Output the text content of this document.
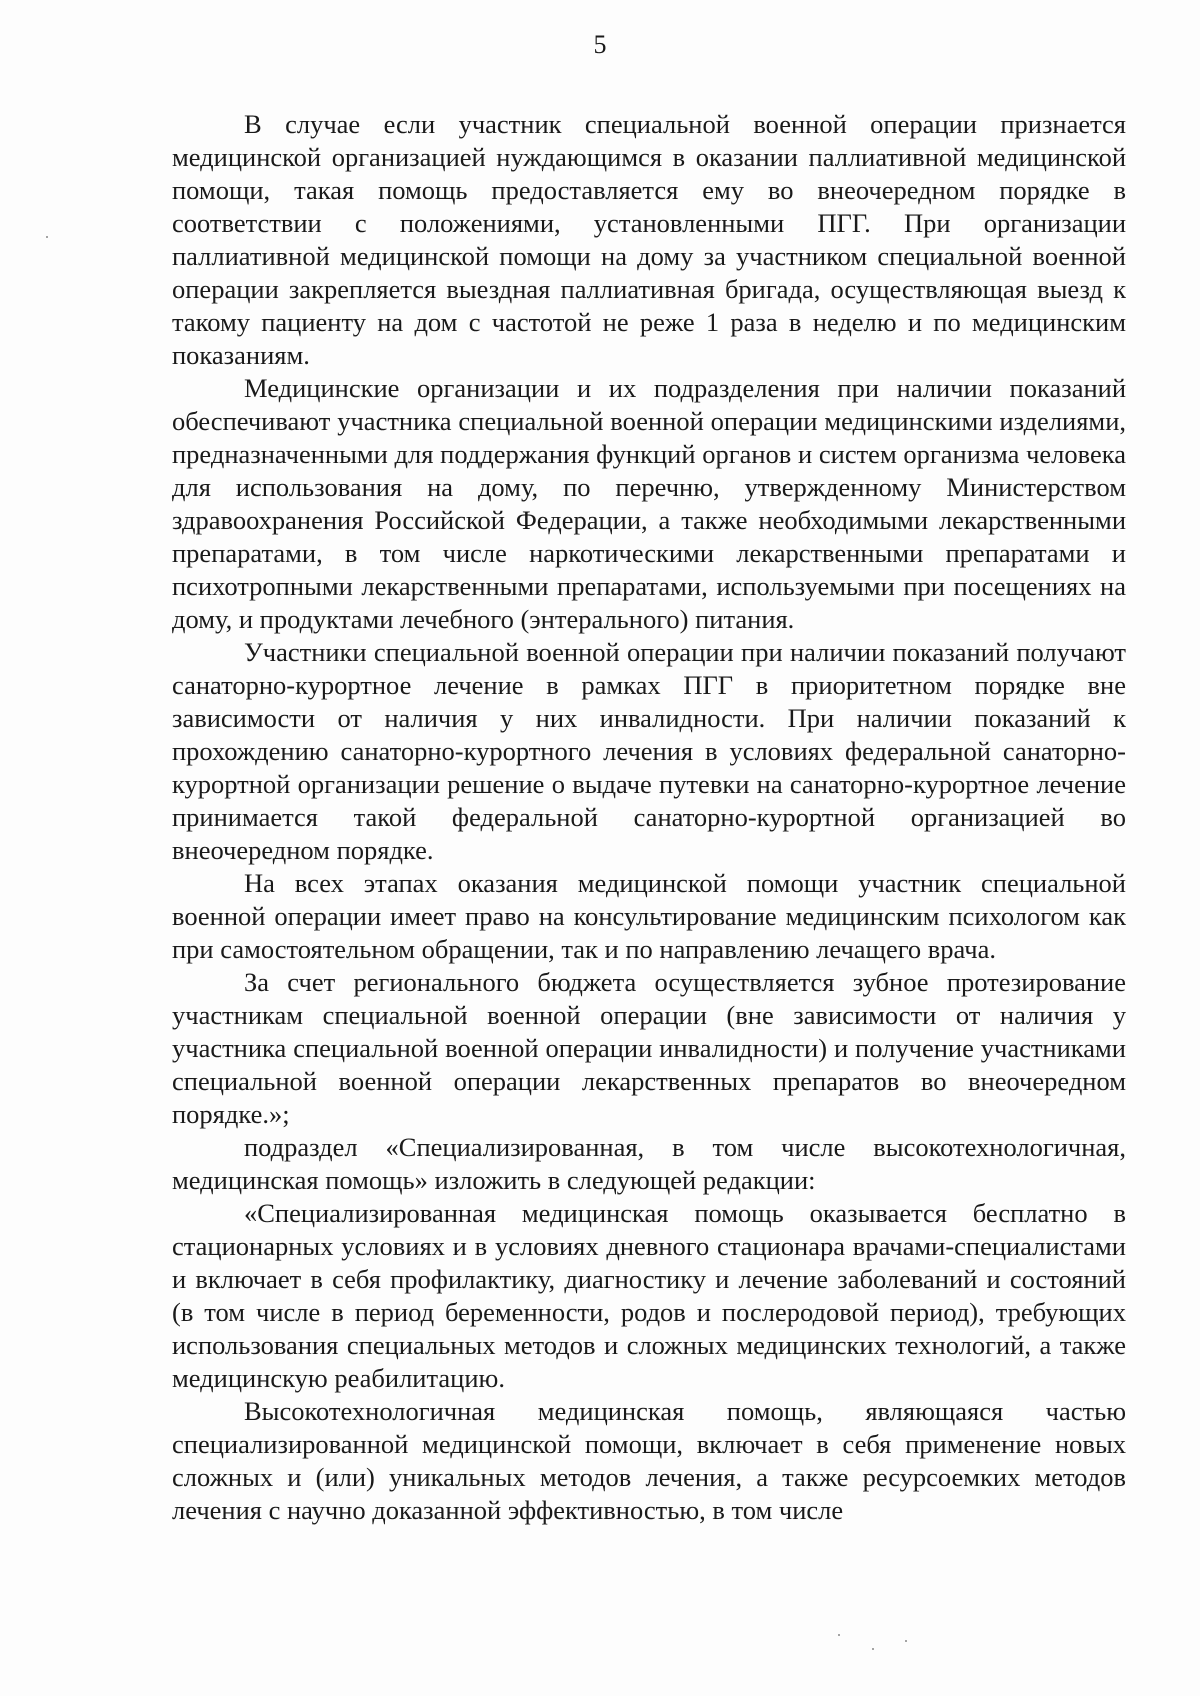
5

В случае если участник специальной военной операции признается медицинской организацией нуждающимся в оказании паллиативной медицинской помощи, такая помощь предоставляется ему во внеочередном порядке в соответствии с положениями, установленными ПГГ. При организации паллиативной медицинской помощи на дому за участником специальной военной операции закрепляется выездная паллиативная бригада, осуществляющая выезд к такому пациенту на дом с частотой не реже 1 раза в неделю и по медицинским показаниям.

Медицинские организации и их подразделения при наличии показаний обеспечивают участника специальной военной операции медицинскими изделиями, предназначенными для поддержания функций органов и систем организма человека для использования на дому, по перечню, утвержденному Министерством здравоохранения Российской Федерации, а также необходимыми лекарственными препаратами, в том числе наркотическими лекарственными препаратами и психотропными лекарственными препаратами, используемыми при посещениях на дому, и продуктами лечебного (энтерального) питания.

Участники специальной военной операции при наличии показаний получают санаторно-курортное лечение в рамках ПГГ в приоритетном порядке вне зависимости от наличия у них инвалидности. При наличии показаний к прохождению санаторно-курортного лечения в условиях федеральной санаторно-курортной организации решение о выдаче путевки на санаторно-курортное лечение принимается такой федеральной санаторно-курортной организацией во внеочередном порядке.

На всех этапах оказания медицинской помощи участник специальной военной операции имеет право на консультирование медицинским психологом как при самостоятельном обращении, так и по направлению лечащего врача.

За счет регионального бюджета осуществляется зубное протезирование участникам специальной военной операции (вне зависимости от наличия у участника специальной военной операции инвалидности) и получение участниками специальной военной операции лекарственных препаратов во внеочередном порядке.»;

подраздел «Специализированная, в том числе высокотехнологичная, медицинская помощь» изложить в следующей редакции:

«Специализированная медицинская помощь оказывается бесплатно в стационарных условиях и в условиях дневного стационара врачами-специалистами и включает в себя профилактику, диагностику и лечение заболеваний и состояний (в том числе в период беременности, родов и послеродовой период), требующих использования специальных методов и сложных медицинских технологий, а также медицинскую реабилитацию.

Высокотехнологичная медицинская помощь, являющаяся частью специализированной медицинской помощи, включает в себя применение новых сложных и (или) уникальных методов лечения, а также ресурсоемких методов лечения с научно доказанной эффективностью, в том числе
